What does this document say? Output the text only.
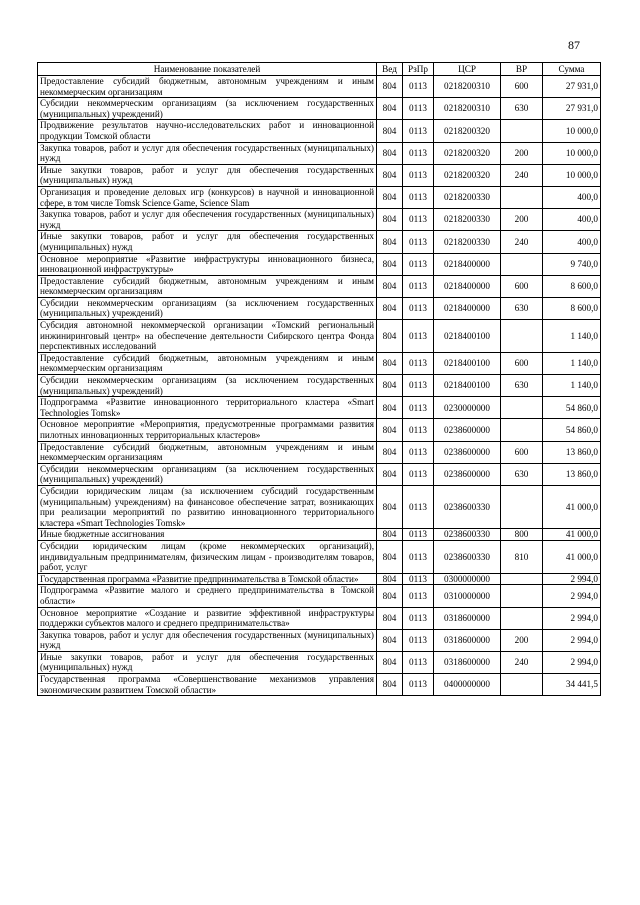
87
Наименование показателей	Вед	РзПр	ЦСР	ВР	Сумма
Предоставление субсидий бюджетным, автономным учреждениям и иным некоммерческим организациям	804	0113	0218200310	600	27 931,0
Субсидии некоммерческим организациям (за исключением государственных (муниципальных) учреждений)	804	0113	0218200310	630	27 931,0
Продвижение результатов научно-исследовательских работ и инновационной продукции Томской области	804	0113	0218200320		10 000,0
Закупка товаров, работ и услуг для обеспечения государственных (муниципальных) нужд	804	0113	0218200320	200	10 000,0
Иные закупки товаров, работ и услуг для обеспечения государственных (муниципальных) нужд	804	0113	0218200320	240	10 000,0
Организация и проведение деловых игр (конкурсов) в научной и инновационной сфере, в том числе Tomsk Science Game, Science Slam	804	0113	0218200330		400,0
Закупка товаров, работ и услуг для обеспечения государственных (муниципальных) нужд	804	0113	0218200330	200	400,0
Иные закупки товаров, работ и услуг для обеспечения государственных (муниципальных) нужд	804	0113	0218200330	240	400,0
Основное мероприятие «Развитие инфраструктуры инновационного бизнеса, инновационной инфраструктуры»	804	0113	0218400000		9 740,0
Предоставление субсидий бюджетным, автономным учреждениям и иным некоммерческим организациям	804	0113	0218400000	600	8 600,0
Субсидии некоммерческим организациям (за исключением государственных (муниципальных) учреждений)	804	0113	0218400000	630	8 600,0
Субсидия автономной некоммерческой организации «Томский региональный инжиниринговый центр» на обеспечение деятельности Сибирского центра Фонда перспективных исследований	804	0113	0218400100		1 140,0
Предоставление субсидий бюджетным, автономным учреждениям и иным некоммерческим организациям	804	0113	0218400100	600	1 140,0
Субсидии некоммерческим организациям (за исключением государственных (муниципальных) учреждений)	804	0113	0218400100	630	1 140,0
Подпрограмма «Развитие инновационного территориального кластера «Smart Technologies Tomsk»	804	0113	0230000000		54 860,0
Основное мероприятие «Мероприятия, предусмотренные программами развития пилотных инновационных территориальных кластеров»	804	0113	0238600000		54 860,0
Предоставление субсидий бюджетным, автономным учреждениям и иным некоммерческим организациям	804	0113	0238600000	600	13 860,0
Субсидии некоммерческим организациям (за исключением государственных (муниципальных) учреждений)	804	0113	0238600000	630	13 860,0
Субсидии юридическим лицам (за исключением субсидий государственным (муниципальным) учреждениям) на финансовое обеспечение затрат, возникающих при реализации мероприятий по развитию инновационного территориального кластера «Smart Technologies Tomsk»	804	0113	0238600330		41 000,0
Иные бюджетные ассигнования	804	0113	0238600330	800	41 000,0
Субсидии юридическим лицам (кроме некоммерческих организаций), индивидуальным предпринимателям, физическим лицам - производителям товаров, работ, услуг	804	0113	0238600330	810	41 000,0
Государственная программа «Развитие предпринимательства в Томской области»	804	0113	0300000000		2 994,0
Подпрограмма «Развитие малого и среднего предпринимательства в Томской области»	804	0113	0310000000		2 994,0
Основное мероприятие «Создание и развитие эффективной инфраструктуры поддержки субъектов малого и среднего предпринимательства»	804	0113	0318600000		2 994,0
Закупка товаров, работ и услуг для обеспечения государственных (муниципальных) нужд	804	0113	0318600000	200	2 994,0
Иные закупки товаров, работ и услуг для обеспечения государственных (муниципальных) нужд	804	0113	0318600000	240	2 994,0
Государственная программа «Совершенствование механизмов управления экономическим развитием Томской области»	804	0113	0400000000		34 441,5
